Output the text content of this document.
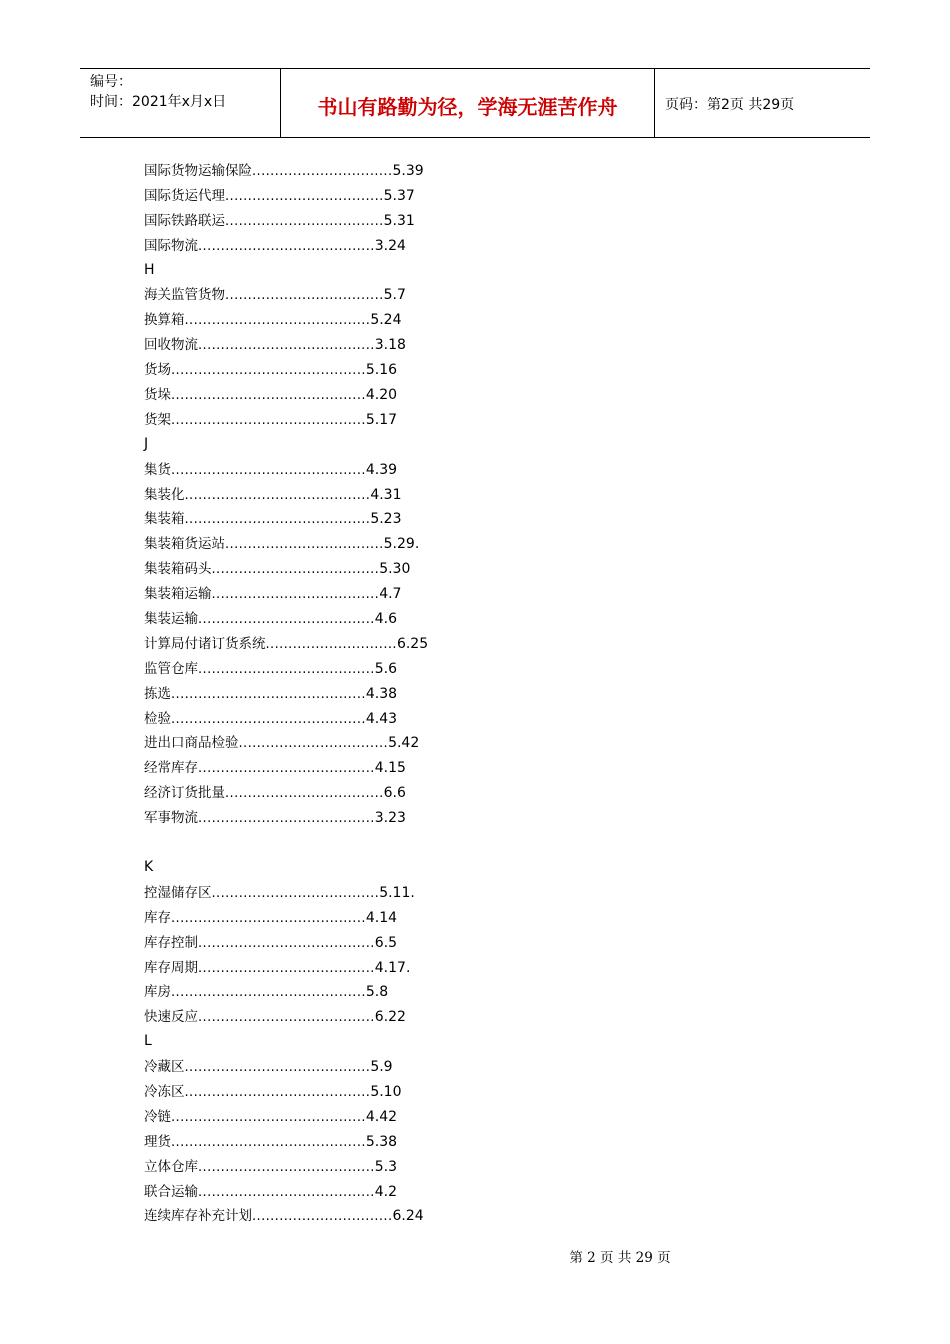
编号：
时间：2021年x月x日	书山有路勤为径，学海无涯苦作舟	页码：第2页 共29页
国际货物运输保险...............................5.39
国际货运代理...................................5.37
国际铁路联运...................................5.31
国际物流.......................................3.24
H
海关监管货物...................................5.7
换算箱.........................................5.24
回收物流.......................................3.18
货场...........................................5.16
货垛...........................................4.20
货架...........................................5.17
J
集货...........................................4.39
集装化.........................................4.31
集装箱.........................................5.23
集装箱货运站...................................5.29.
集装箱码头.....................................5.30
集装箱运输.....................................4.7
集装运输.......................................4.6
计算局付诸订货系统.............................6.25
监管仓库.......................................5.6
拣选...........................................4.38
检验...........................................4.43
进出口商品检验.................................5.42
经常库存.......................................4.15
经济订货批量...................................6.6
军事物流.......................................3.23
K
控湿储存区.....................................5.11.
库存...........................................4.14
库存控制.......................................6.5
库存周期.......................................4.17.
库房...........................................5.8
快速反应.......................................6.22
L
冷藏区.........................................5.9
冷冻区.........................................5.10
冷链...........................................4.42
理货...........................................5.38
立体仓库.......................................5.3
联合运输.......................................4.2
连续库存补充计划...............................6.24
第 2 页 共 29 页
